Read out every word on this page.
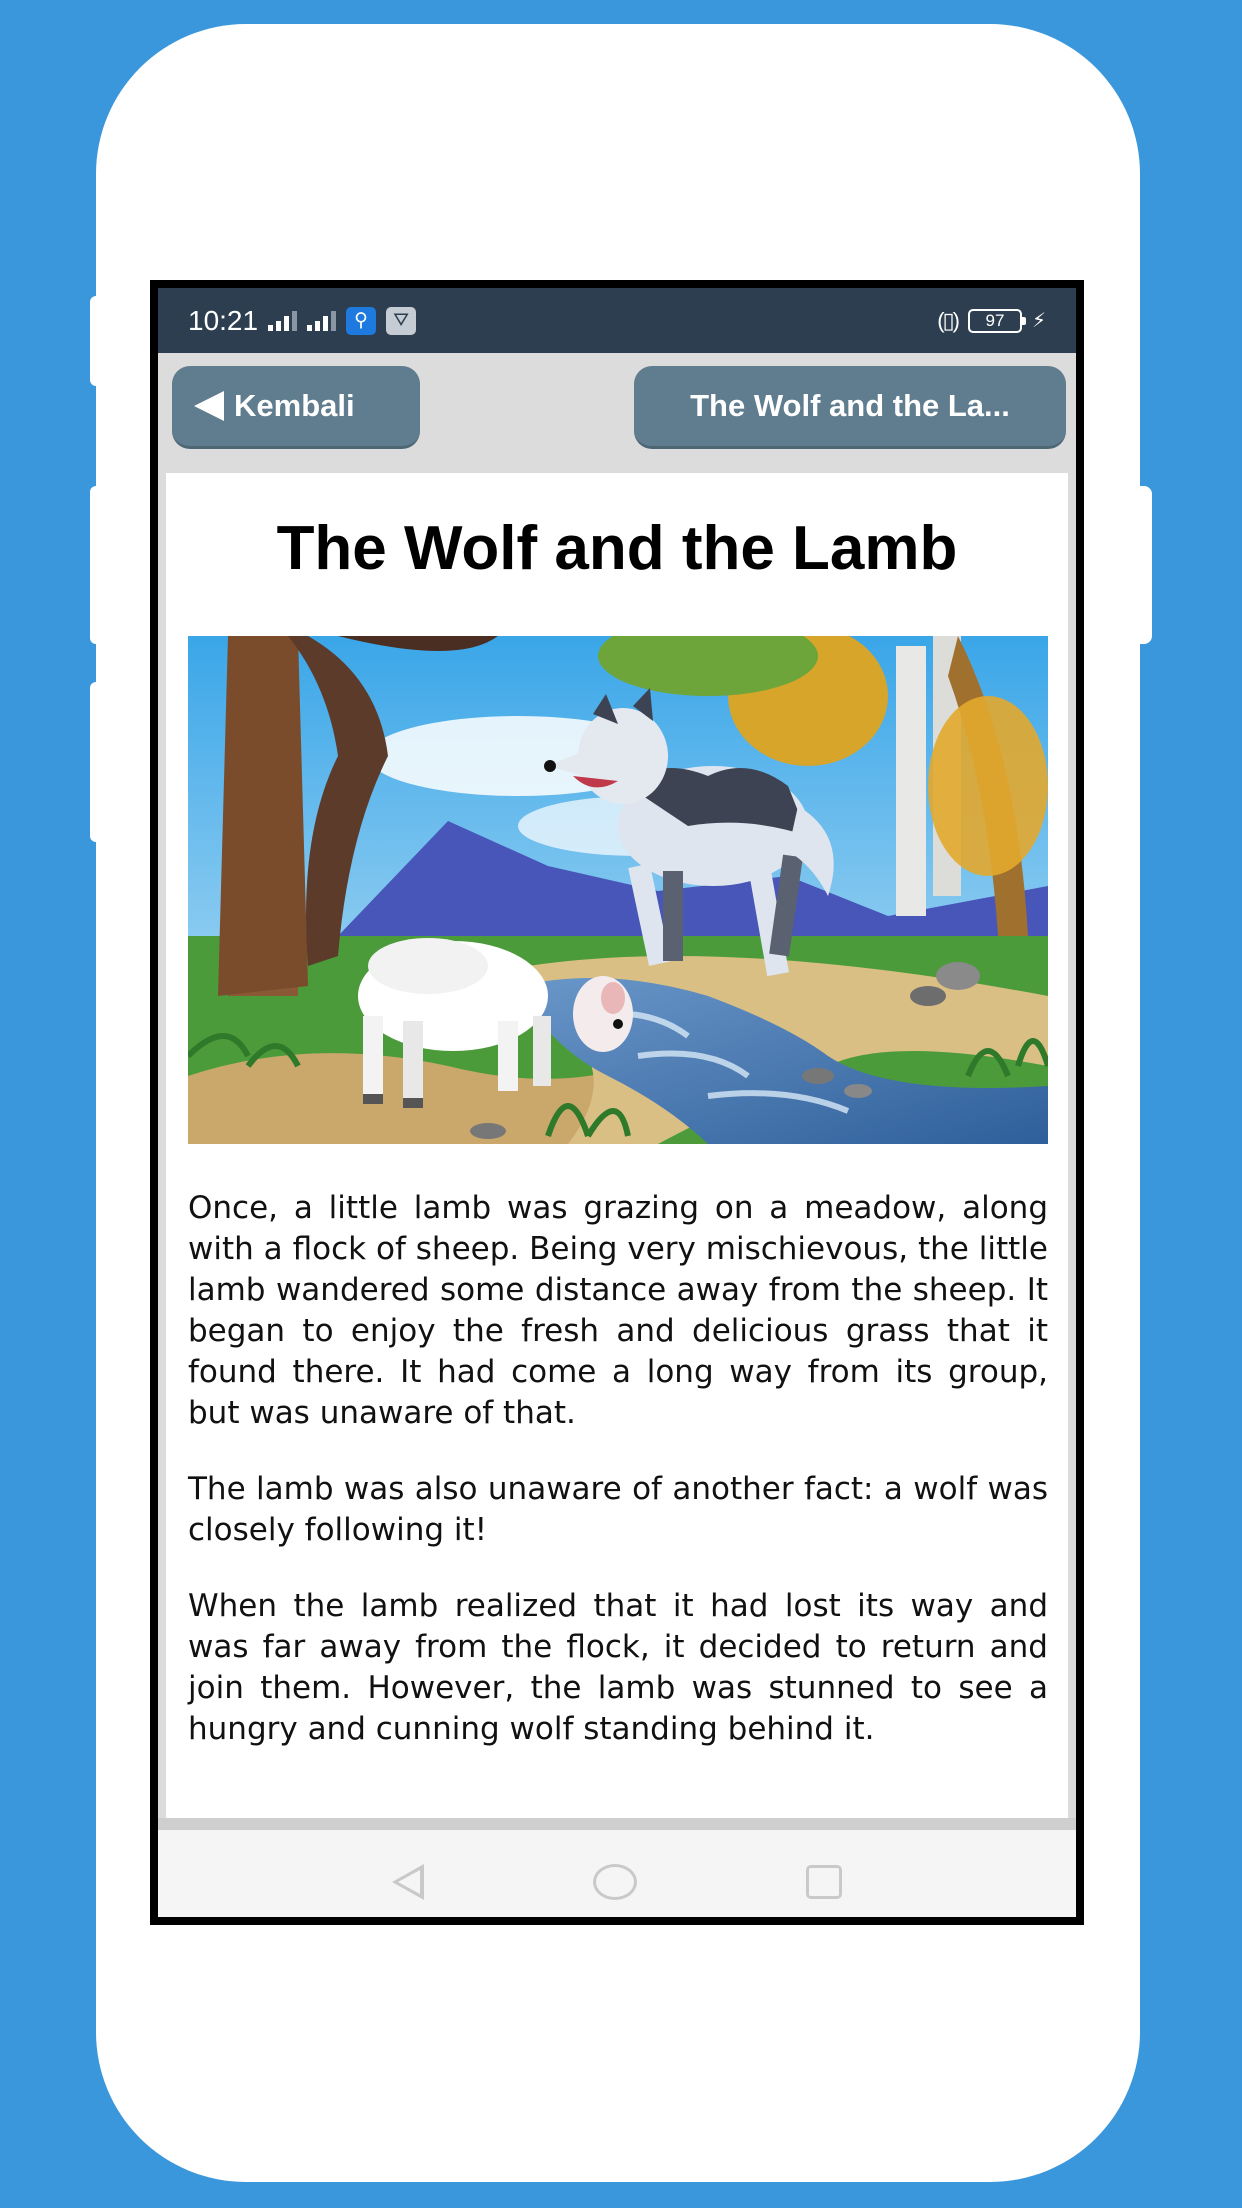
10:21	⚲	⛛	(▯) 97 ⚡
Kembali	The Wolf and the La...
The Wolf and the Lamb

Once, a little lamb was grazing on a meadow, along with a flock of sheep. Being very mischievous, the little lamb wandered some distance away from the sheep. It began to enjoy the fresh and delicious grass that it found there. It had come a long way from its group, but was unaware of that.

The lamb was also unaware of another fact: a wolf was closely following it!

When the lamb realized that it had lost its way and was far away from the flock, it decided to return and join them. However, the lamb was stunned to see a hungry and cunning wolf standing behind it.
